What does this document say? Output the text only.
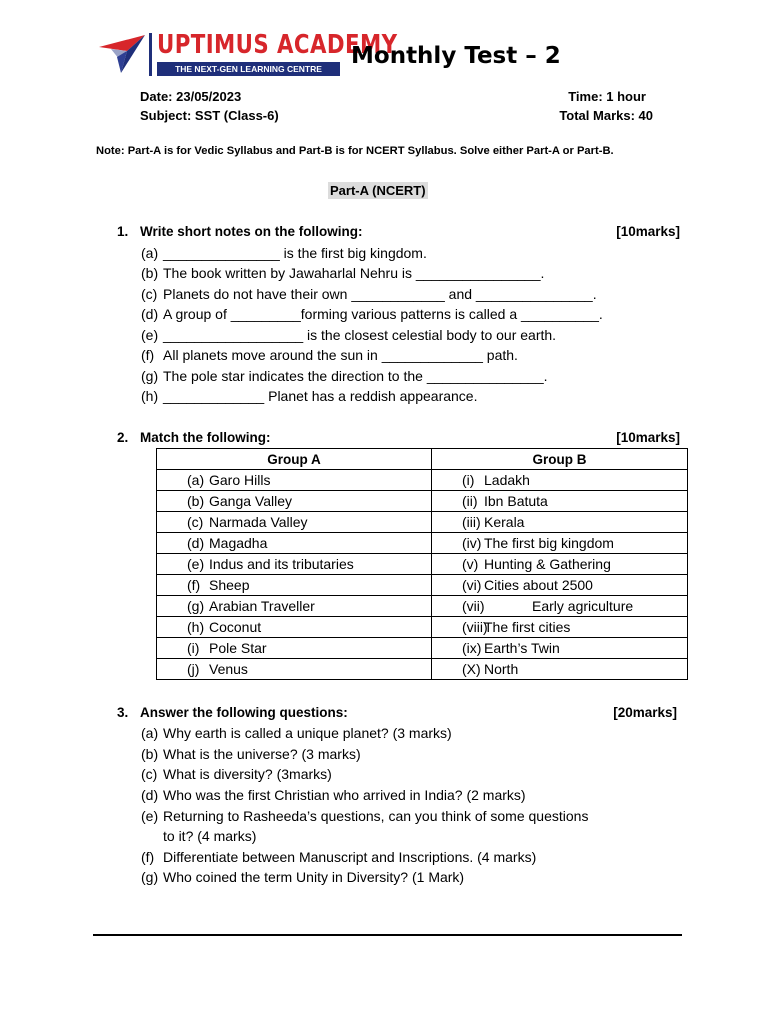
UPTIMUS ACADEMY
THE NEXT-GEN LEARNING CENTRE	Monthly Test – 2
Date: 23/05/2023	Time: 1 hour
Subject: SST (Class-6)	Total Marks: 40
Note: Part-A is for Vedic Syllabus and Part-B is for NCERT Syllabus. Solve either Part-A or Part-B.
Part-A (NCERT)
1. Write short notes on the following:	[10marks]
(a) _______________ is the first big kingdom.
(b) The book written by Jawaharlal Nehru is ________________.
(c) Planets do not have their own ____________ and _______________.
(d) A group of _________forming various patterns is called a __________.
(e) __________________ is the closest celestial body to our earth.
(f) All planets move around the sun in _____________ path.
(g) The pole star indicates the direction to the _______________.
(h) _____________ Planet has a reddish appearance.
2. Match the following:	[10marks]
Group A	Group B
(a) Garo Hills	(i) Ladakh
(b) Ganga Valley	(ii) Ibn Batuta
(c) Narmada Valley	(iii) Kerala
(d) Magadha	(iv) The first big kingdom
(e) Indus and its tributaries	(v) Hunting & Gathering
(f) Sheep	(vi) Cities about 2500
(g) Arabian Traveller	(vii) Early agriculture
(h) Coconut	(viii)The first cities
(i) Pole Star	(ix) Earth’s Twin
(j) Venus	(X) North
3. Answer the following questions:	[20marks]
(a) Why earth is called a unique planet? (3 marks)
(b) What is the universe? (3 marks)
(c) What is diversity? (3marks)
(d) Who was the first Christian who arrived in India? (2 marks)
(e) Returning to Rasheeda’s questions, can you think of some questions
to it? (4 marks)
(f) Differentiate between Manuscript and Inscriptions. (4 marks)
(g) Who coined the term Unity in Diversity? (1 Mark)
